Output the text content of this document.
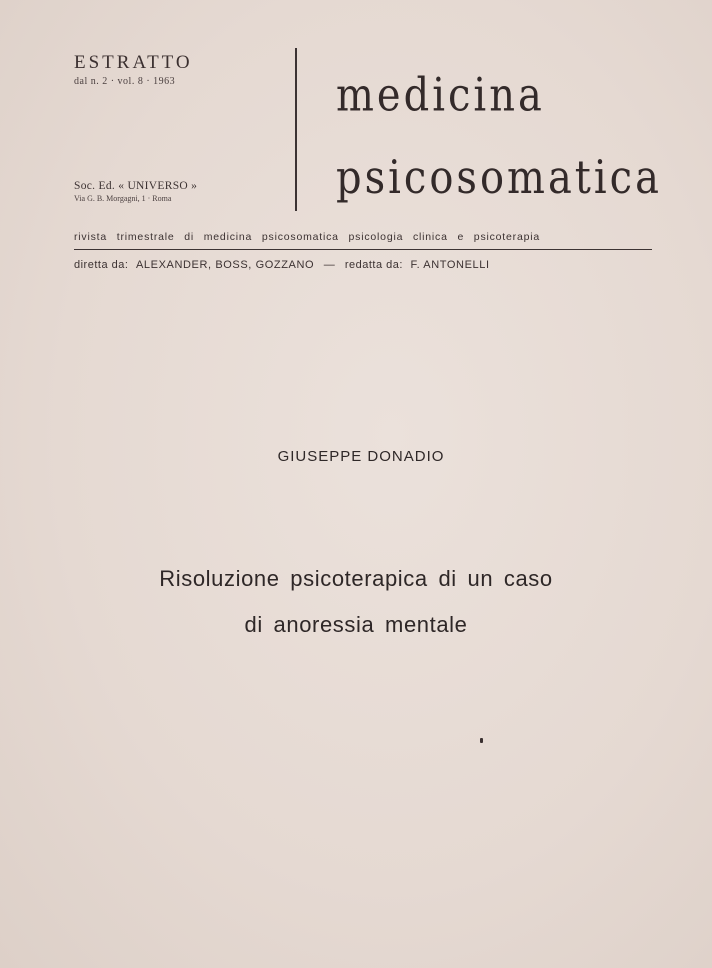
ESTRATTO
dal n. 2 · vol. 8 · 1963
Soc. Ed. « UNIVERSO »
Via G. B. Morgagni, 1 · Roma
medicina
psicosomatica
rivista trimestrale di medicina psicosomatica psicologia clinica e psicoterapia
diretta da: ALEXANDER, BOSS, GOZZANO — redatta da: F. ANTONELLI
GIUSEPPE DONADIO
Risoluzione psicoterapica di un caso
di anoressia mentale
